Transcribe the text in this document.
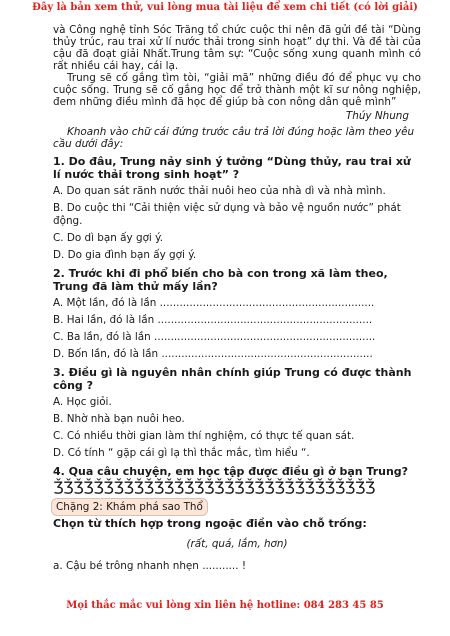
Đây là bản xem thử, vui lòng mua tài liệu để xem chi tiết (có lời giải)

và Công nghệ tỉnh Sóc Trăng tổ chức cuộc thi nên đã gửi đề tài “Dùng thủy trúc, rau trai xử lí nước thải trong sinh hoạt” dự thi. Và đề tài của cậu đã đoạt giải Nhất.Trung tâm sự: “Cuộc sống xung quanh mình có rất nhiều cái hay, cái lạ.

Trung sẽ cố gắng tìm tòi, “giải mã” những điều đó để phục vụ cho cuộc sống. Trung sẽ cố gắng học để trở thành một kĩ sư nông nghiệp, đem những điều mình đã học để giúp bà con nông dân quê mình”

Thúy Nhung

Khoanh vào chữ cái đứng trước câu trả lời đúng hoặc làm theo yêu cầu dưới đây:

1. Do đâu, Trung nảy sinh ý tưởng “Dùng thủy, rau trai xử lí nước thải trong sinh hoạt” ?

A. Do quan sát rãnh nước thải nuôi heo của nhà dì và nhà mình.

B. Do cuộc thi “Cải thiện việc sử dụng và bảo vệ nguồn nước” phát động.

C. Do dì bạn ấy gợi ý.

D. Do gia đình bạn ấy gợi ý.

2. Trước khi đi phổ biến cho bà con trong xã làm theo, Trung đã làm thử mấy lần?

A. Một lần, đó là lần .................................................................

B. Hai lần, đó là lần .................................................................

C. Ba lần, đó là lần ...................................................................

D. Bốn lần, đó là lần ................................................................

3. Điều gì là nguyên nhân chính giúp Trung có được thành công ?

A. Học giỏi.

B. Nhờ nhà bạn nuôi heo.

C. Có nhiều thời gian làm thí nghiệm, có thực tế quan sát.

D. Có tính “ gặp cái gì lạ thì thắc mắc, tìm hiểu “.

4. Qua câu chuyện, em học tập được điều gì ở bạn Trung?

ǮǮǮǮǮǮǮǮǮǮǮǮǮǮǮǮǮǮǮǮǮǮǮǮǮǮǮǮǮǮǮǮ

Chặng 2: Khám phá sao Thổ

Chọn từ thích hợp trong ngoặc điền vào chỗ trống:

(rất, quá, lắm, hơn)

a. Cậu bé trông nhanh nhẹn ........... !

Mọi thắc mắc vui lòng xin liên hệ hotline: 084 283 45 85
